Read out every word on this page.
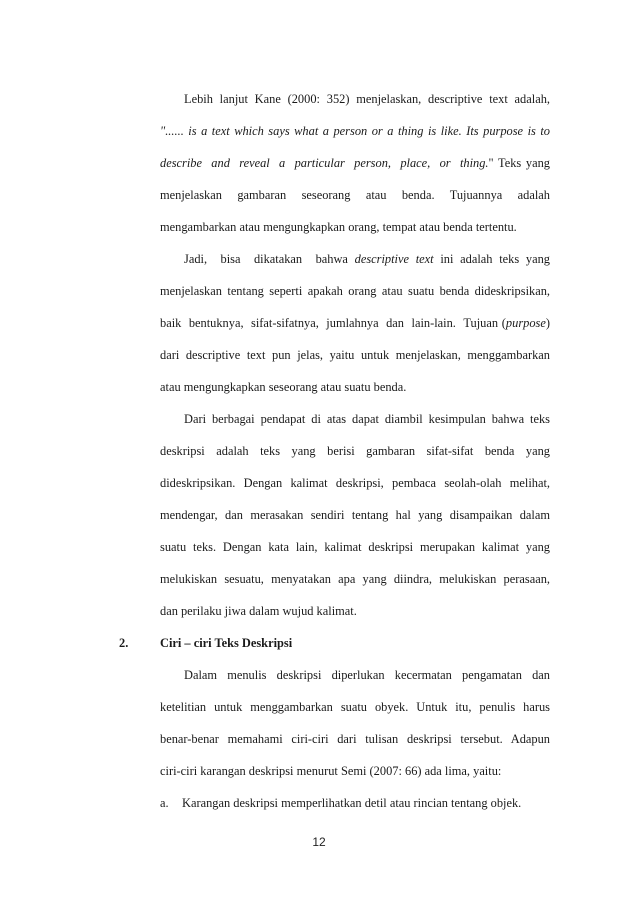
Lebih lanjut Kane (2000: 352) menjelaskan, descriptive text adalah,
"...... is a text which says what a person or a thing is like. Its purpose is to
describe  and  reveal  a  particular  person,  place,  or  thing." Teks yang
menjelaskan gambaran seseorang atau benda. Tujuannya adalah
mengambarkan atau mengungkapkan orang, tempat atau benda tertentu.
Jadi,  bisa  dikatakan  bahwa descriptive text ini adalah teks yang
menjelaskan tentang seperti apakah orang atau suatu benda dideskripsikan,
baik  bentuknya,  sifat-sifatnya,  jumlahnya  dan  lain-lain.  Tujuan (purpose)
dari descriptive text pun jelas, yaitu untuk menjelaskan, menggambarkan
atau mengungkapkan seseorang atau suatu benda.
Dari berbagai pendapat di atas dapat diambil kesimpulan bahwa teks
deskripsi adalah teks yang berisi gambaran sifat-sifat benda yang
dideskripsikan. Dengan kalimat deskripsi, pembaca seolah-olah melihat,
mendengar, dan merasakan sendiri tentang hal yang disampaikan dalam
suatu teks. Dengan kata lain, kalimat deskripsi merupakan kalimat yang
melukiskan sesuatu, menyatakan apa yang diindra, melukiskan perasaan,
dan perilaku jiwa dalam wujud kalimat.
2.	Ciri – ciri Teks Deskripsi
Dalam menulis deskripsi diperlukan kecermatan pengamatan dan
ketelitian untuk menggambarkan suatu obyek. Untuk itu, penulis harus
benar-benar memahami ciri-ciri dari tulisan deskripsi tersebut. Adapun
ciri-ciri karangan deskripsi menurut Semi (2007: 66) ada lima, yaitu:
a. Karangan deskripsi memperlihatkan detil atau rincian tentang objek.
12
